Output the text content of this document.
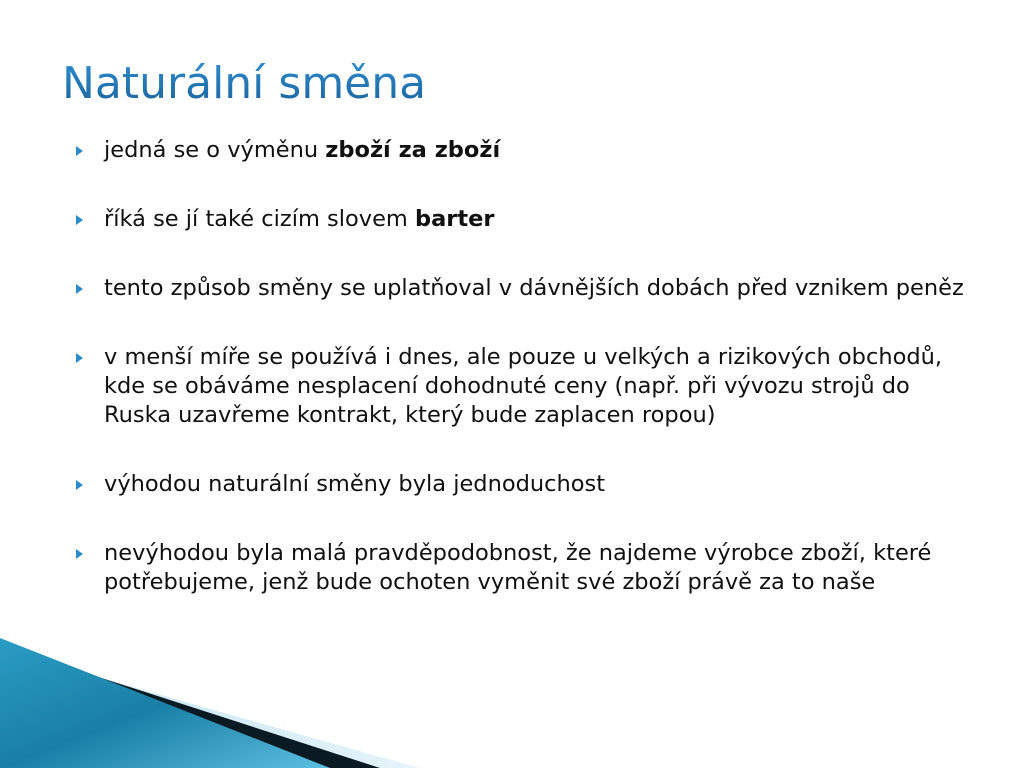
Naturální směna
jedná se o výměnu zboží za zboží
říká se jí také cizím slovem barter
tento způsob směny se uplatňoval v dávnějších dobách před vznikem peněz
v menší míře se používá i dnes, ale pouze u velkých a rizikových obchodů, kde se obáváme nesplacení dohodnuté ceny (např. při vývozu strojů do Ruska uzavřeme kontrakt, který bude zaplacen ropou)
výhodou naturální směny byla jednoduchost
nevýhodou byla malá pravděpodobnost, že najdeme výrobce zboží, které potřebujeme, jenž bude ochoten vyměnit své zboží právě za to naše
